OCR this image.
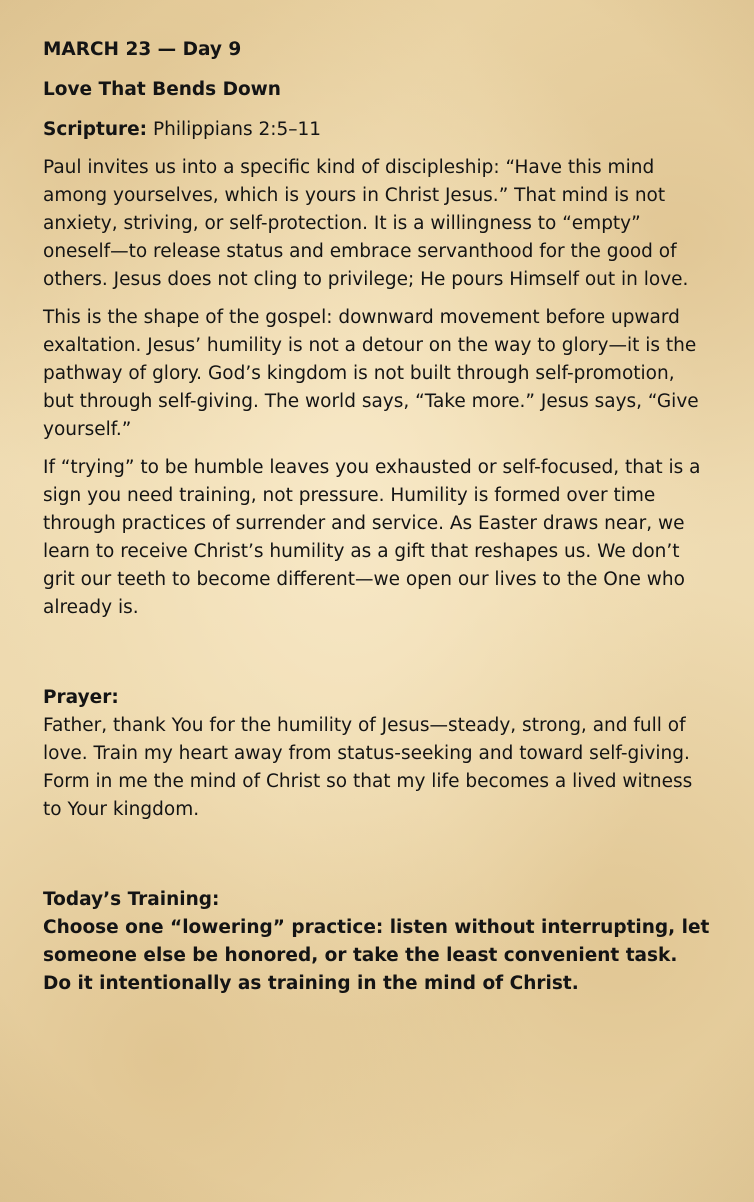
MARCH 23 — Day 9

Love That Bends Down

Scripture: Philippians 2:5–11

Paul invites us into a specific kind of discipleship: “Have this mind among yourselves, which is yours in Christ Jesus.” That mind is not anxiety, striving, or self-protection. It is a willingness to “empty” oneself—to release status and embrace servanthood for the good of others. Jesus does not cling to privilege; He pours Himself out in love.

This is the shape of the gospel: downward movement before upward exaltation. Jesus’ humility is not a detour on the way to glory—it is the pathway of glory. God’s kingdom is not built through self-promotion, but through self-giving. The world says, “Take more.” Jesus says, “Give yourself.”

If “trying” to be humble leaves you exhausted or self-focused, that is a sign you need training, not pressure. Humility is formed over time through practices of surrender and service. As Easter draws near, we learn to receive Christ’s humility as a gift that reshapes us. We don’t grit our teeth to become different—we open our lives to the One who already is.

Prayer:

Father, thank You for the humility of Jesus—steady, strong, and full of love. Train my heart away from status-seeking and toward self-giving. Form in me the mind of Christ so that my life becomes a lived witness to Your kingdom.

Today’s Training:

Choose one “lowering” practice: listen without interrupting, let someone else be honored, or take the least convenient task. Do it intentionally as training in the mind of Christ.
